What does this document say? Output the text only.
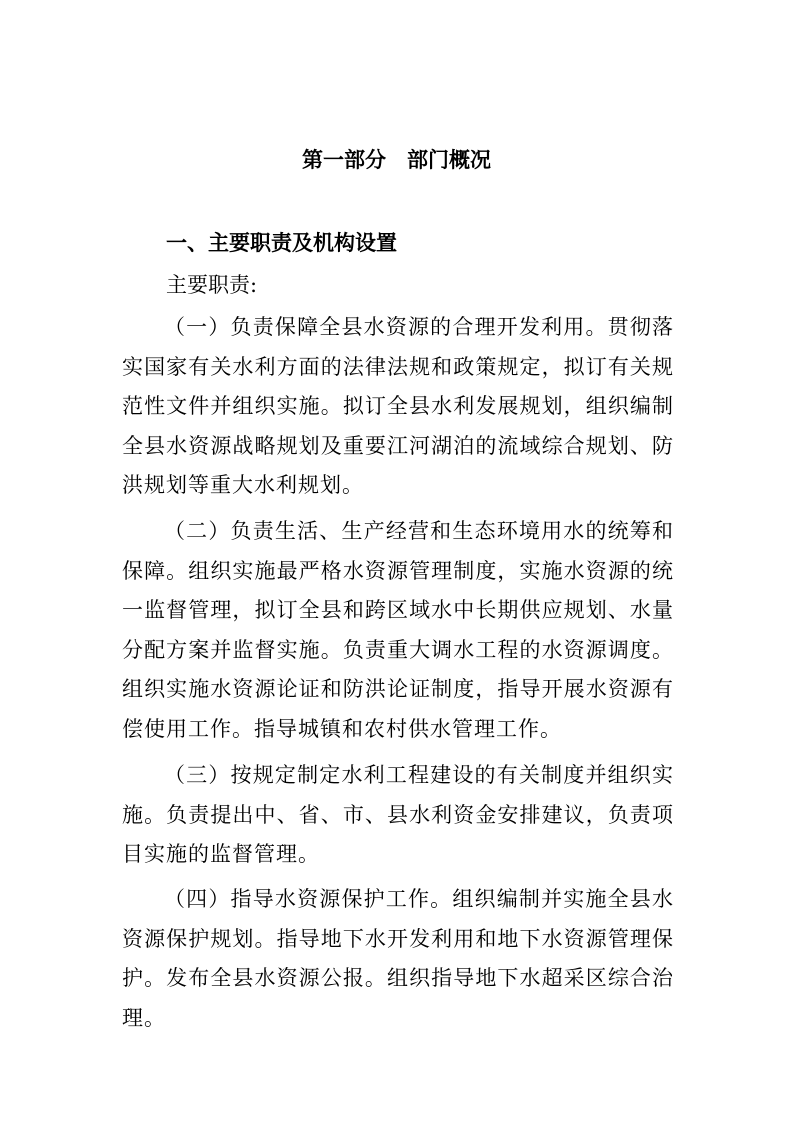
第一部分　部门概况
一、主要职责及机构设置
主要职责:

（一）负责保障全县水资源的合理开发利用。贯彻落实国家有关水利方面的法律法规和政策规定，拟订有关规范性文件并组织实施。拟订全县水利发展规划，组织编制全县水资源战略规划及重要江河湖泊的流域综合规划、防洪规划等重大水利规划。

（二）负责生活、生产经营和生态环境用水的统筹和保障。组织实施最严格水资源管理制度，实施水资源的统一监督管理，拟订全县和跨区域水中长期供应规划、水量分配方案并监督实施。负责重大调水工程的水资源调度。组织实施水资源论证和防洪论证制度，指导开展水资源有偿使用工作。指导城镇和农村供水管理工作。

（三）按规定制定水利工程建设的有关制度并组织实施。负责提出中、省、市、县水利资金安排建议，负责项目实施的监督管理。

（四）指导水资源保护工作。组织编制并实施全县水资源保护规划。指导地下水开发利用和地下水资源管理保护。发布全县水资源公报。组织指导地下水超采区综合治理。
